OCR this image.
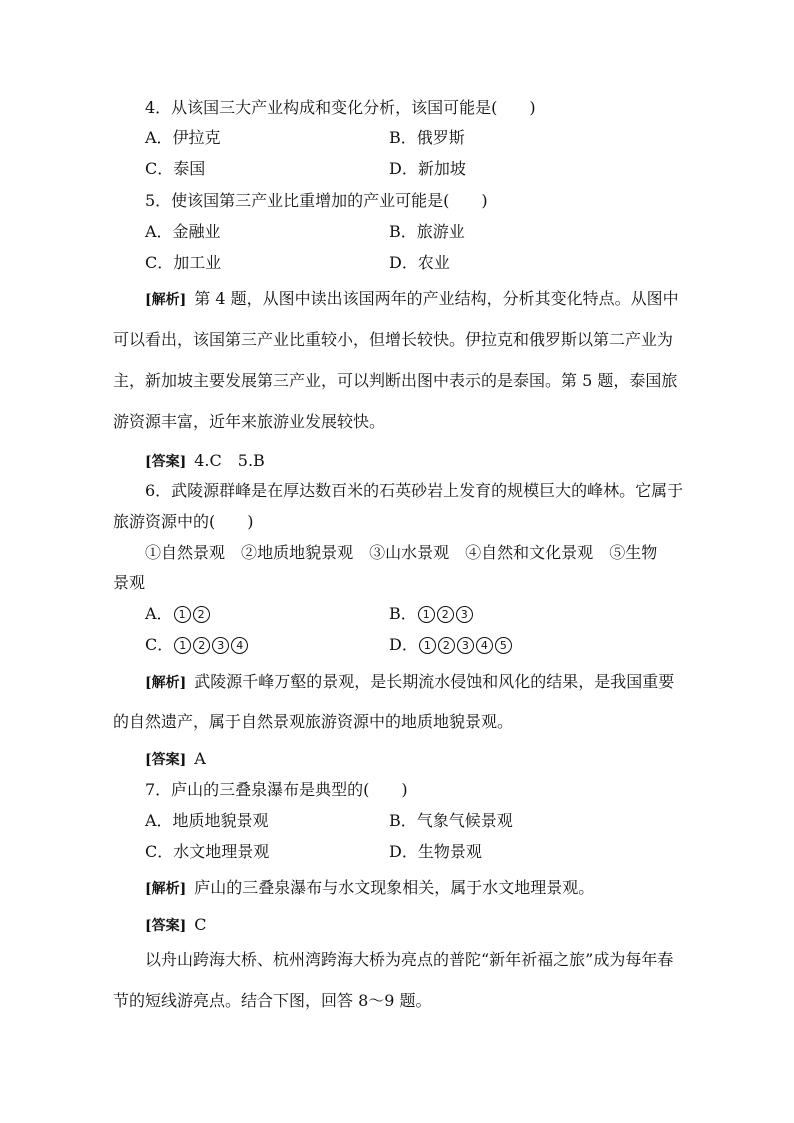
4．从该国三大产业构成和变化分析，该国可能是(　　)
A．伊拉克	B．俄罗斯
C．泰国	D．新加坡
5．使该国第三产业比重增加的产业可能是(　　)
A．金融业	B．旅游业
C．加工业	D．农业
[解析] 第 4 题，从图中读出该国两年的产业结构，分析其变化特点。从图中
可以看出，该国第三产业比重较小，但增长较快。伊拉克和俄罗斯以第二产业为
主，新加坡主要发展第三产业，可以判断出图中表示的是泰国。第 5 题，泰国旅
游资源丰富，近年来旅游业发展较快。
[答案] 4.C　5.B
6．武陵源群峰是在厚达数百米的石英砂岩上发育的规模巨大的峰林。它属于
旅游资源中的(　　)
①自然景观　 ②地质地貌景观　 ③山水景观　 ④自然和文化景观　 ⑤生物
景观
A． 1 2	B． 1 2 3
C． 1 2 3 4	D． 1 2 3 4 5
[解析] 武陵源千峰万壑的景观，是长期流水侵蚀和风化的结果，是我国重要
的自然遗产，属于自然景观旅游资源中的地质地貌景观。
[答案] A
7．庐山的三叠泉瀑布是典型的(　　)
A．地质地貌景观	B．气象气候景观
C．水文地理景观	D．生物景观
[解析] 庐山的三叠泉瀑布与水文现象相关，属于水文地理景观。
[答案] C
以舟山跨海大桥、杭州湾跨海大桥为亮点的普陀“新年祈福之旅”成为每年春
节的短线游亮点。结合下图，回答 8～9 题。
